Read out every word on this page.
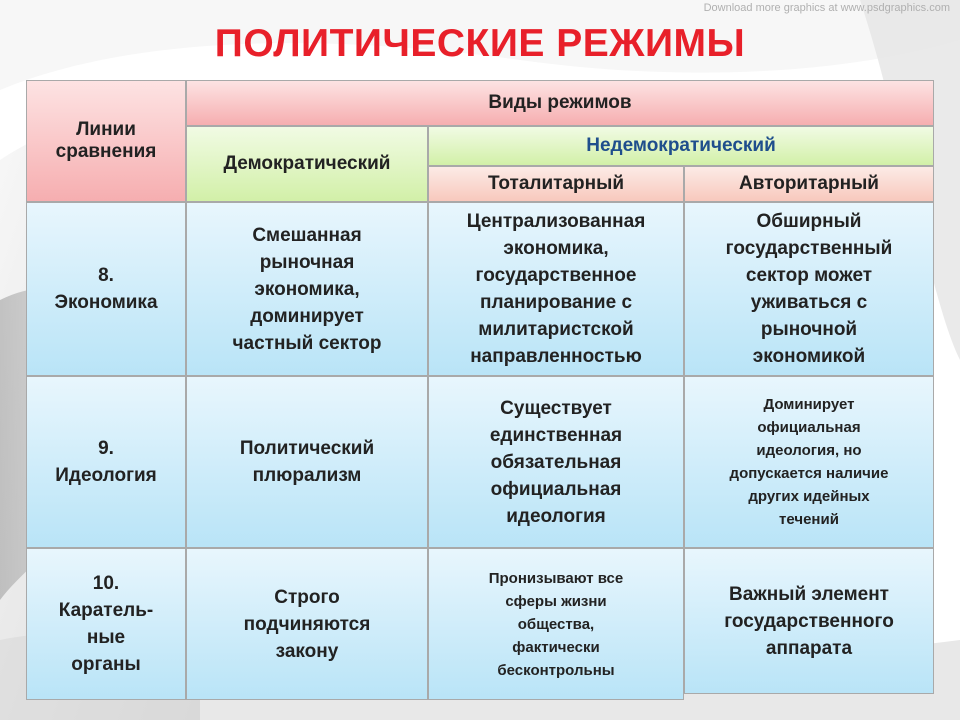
Download more graphics at www.psdgraphics.com
ПОЛИТИЧЕСКИЕ РЕЖИМЫ
Линии
сравнения
Виды режимов
Демократический
Недемократический
Тоталитарный	Авторитарный
8.
Экономика
Смешанная
рыночная
экономика,
доминирует
частный сектор
Централизованная
экономика,
государственное
планирование с
милитаристской
направленностью
Обширный
государственный
сектор может
уживаться с
рыночной
экономикой
9.
Идеология
Политический
плюрализм
Существует
единственная
обязательная
официальная
идеология
Доминирует
официальная
идеология, но
допускается наличие
других идейных
течений
10.
Каратель-
ные
органы
Строго
подчиняются
закону
Пронизывают все
сферы жизни
общества,
фактически
бесконтрольны
Важный элемент
государственного
аппарата
